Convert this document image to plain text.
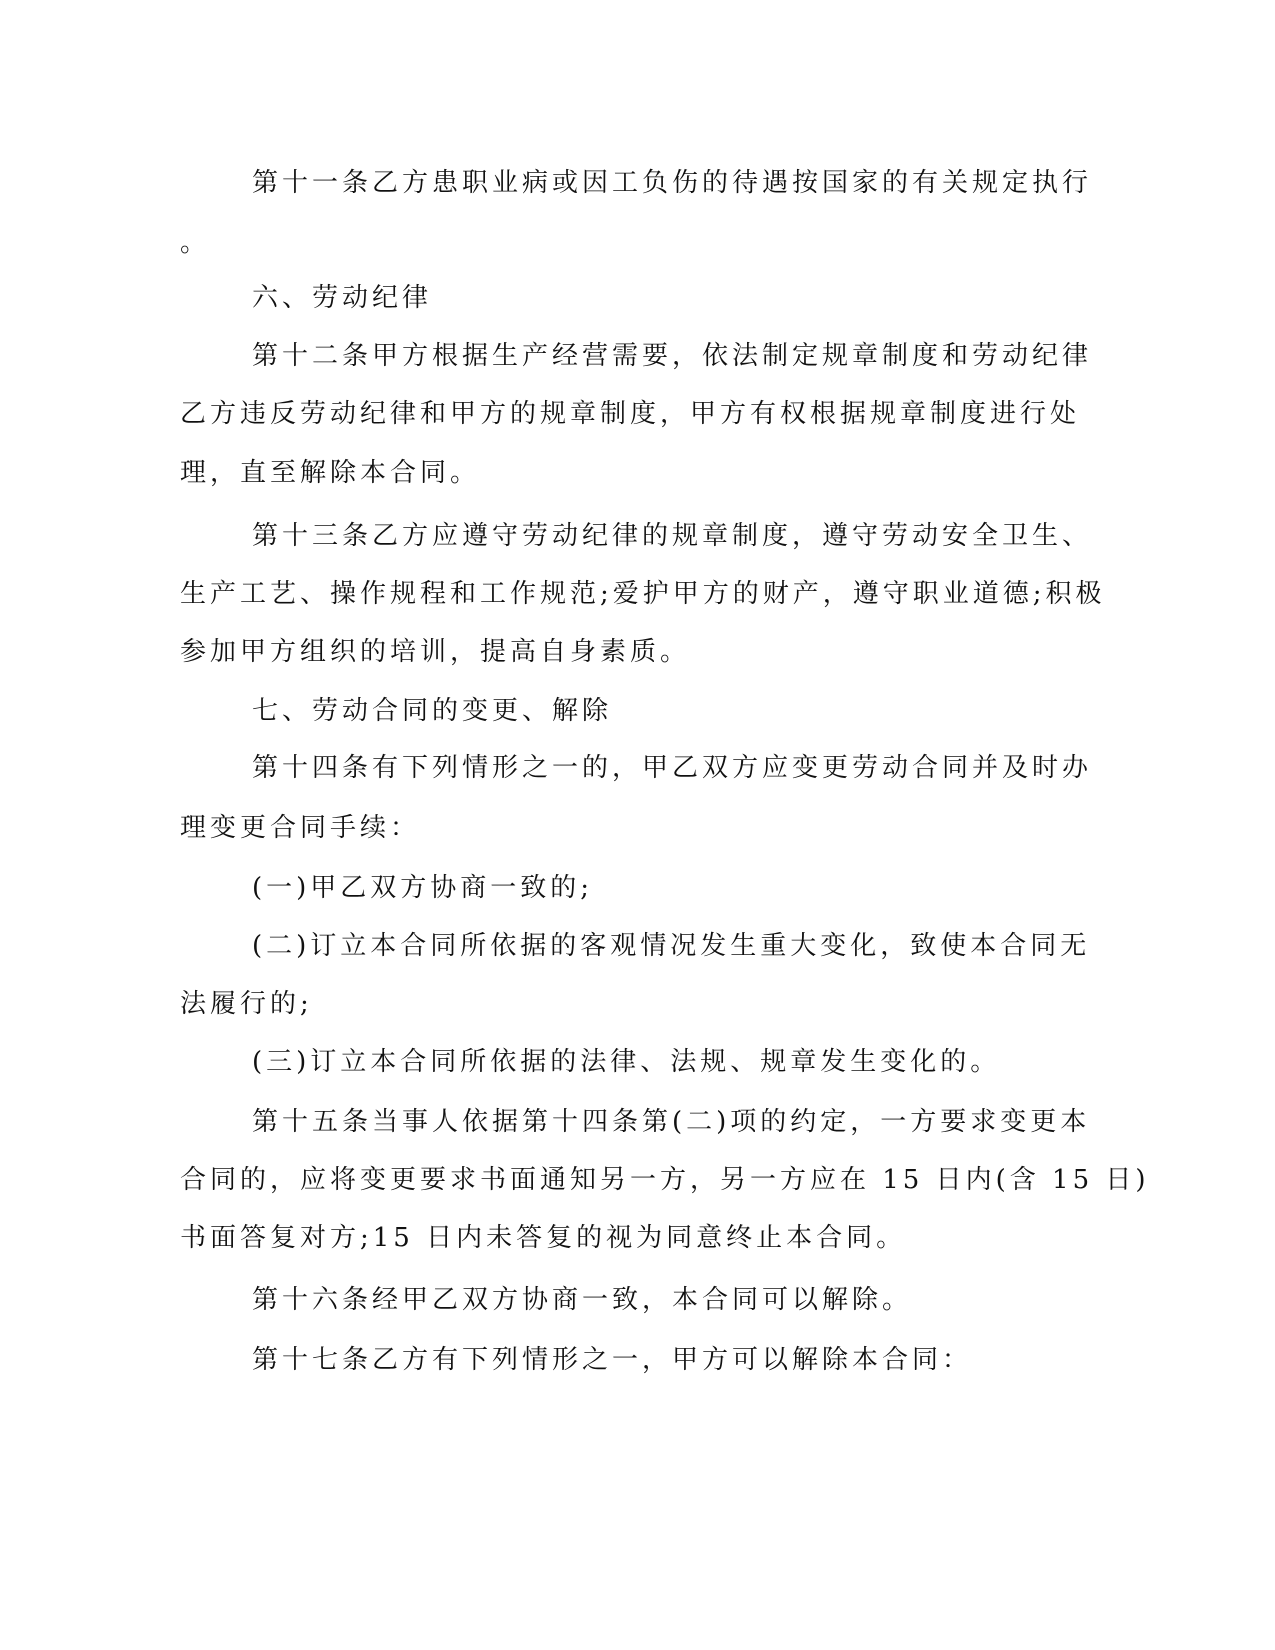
第十一条乙方患职业病或因工负伤的待遇按国家的有关规定执行
。
六、劳动纪律
第十二条甲方根据生产经营需要，依法制定规章制度和劳动纪律
乙方违反劳动纪律和甲方的规章制度，甲方有权根据规章制度进行处
理，直至解除本合同。
第十三条乙方应遵守劳动纪律的规章制度，遵守劳动安全卫生、
生产工艺、操作规程和工作规范;爱护甲方的财产，遵守职业道德;积极
参加甲方组织的培训，提高自身素质。
七、劳动合同的变更、解除
第十四条有下列情形之一的，甲乙双方应变更劳动合同并及时办
理变更合同手续：
(一)甲乙双方协商一致的;
(二)订立本合同所依据的客观情况发生重大变化，致使本合同无
法履行的;
(三)订立本合同所依据的法律、法规、规章发生变化的。
第十五条当事人依据第十四条第(二)项的约定，一方要求变更本
合同的，应将变更要求书面通知另一方，另一方应在 15 日内(含 15 日)
书面答复对方;15 日内未答复的视为同意终止本合同。
第十六条经甲乙双方协商一致，本合同可以解除。
第十七条乙方有下列情形之一，甲方可以解除本合同：
